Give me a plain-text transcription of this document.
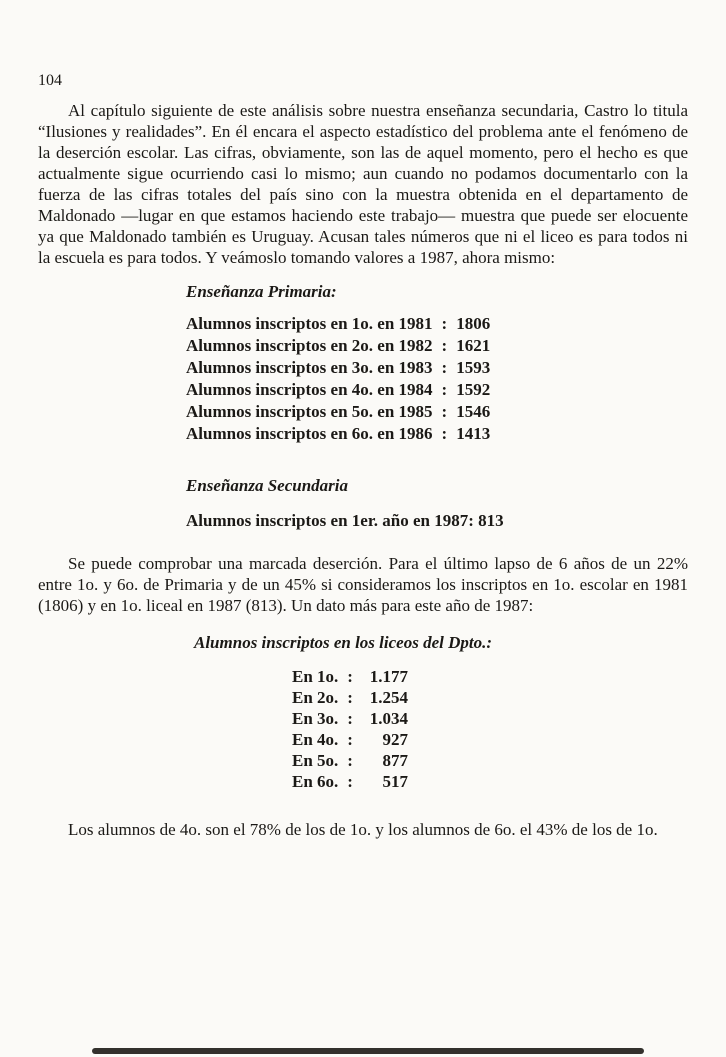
104

Al capítulo siguiente de este análisis sobre nuestra enseñanza secundaria, Castro lo titula “Ilusiones y realidades”. En él encara el aspecto estadístico del problema ante el fenómeno de la deserción escolar. Las cifras, obviamente, son las de aquel momento, pero el hecho es que actualmente sigue ocurriendo casi lo mismo; aun cuando no podamos documentarlo con la fuerza de las cifras totales del país sino con la muestra obtenida en el departamento de Maldonado —lugar en que estamos haciendo este trabajo— muestra que puede ser elocuente ya que Maldonado también es Uruguay. Acusan tales números que ni el liceo es para todos ni la escuela es para todos. Y veámoslo tomando valores a 1987, ahora mismo:

Enseñanza Primaria:
Alumnos inscriptos en 1o. en 1981	:	1806
Alumnos inscriptos en 2o. en 1982	:	1621
Alumnos inscriptos en 3o. en 1983	:	1593
Alumnos inscriptos en 4o. en 1984	:	1592
Alumnos inscriptos en 5o. en 1985	:	1546
Alumnos inscriptos en 6o. en 1986	:	1413
Enseñanza Secundaria

Alumnos inscriptos en 1er. año en 1987: 813

Se puede comprobar una marcada deserción. Para el último lapso de 6 años de un 22% entre 1o. y 6o. de Primaria y de un 45% si consideramos los inscriptos en 1o. escolar en 1981 (1806) y en 1o. liceal en 1987 (813). Un dato más para este año de 1987:

Alumnos inscriptos en los liceos del Dpto.:
En 1o.	:	1.177
En 2o.	:	1.254
En 3o.	:	1.034
En 4o.	:	927
En 5o.	:	877
En 6o.	:	517

Los alumnos de 4o. son el 78% de los de 1o. y los alumnos de 6o. el 43% de los de 1o.
